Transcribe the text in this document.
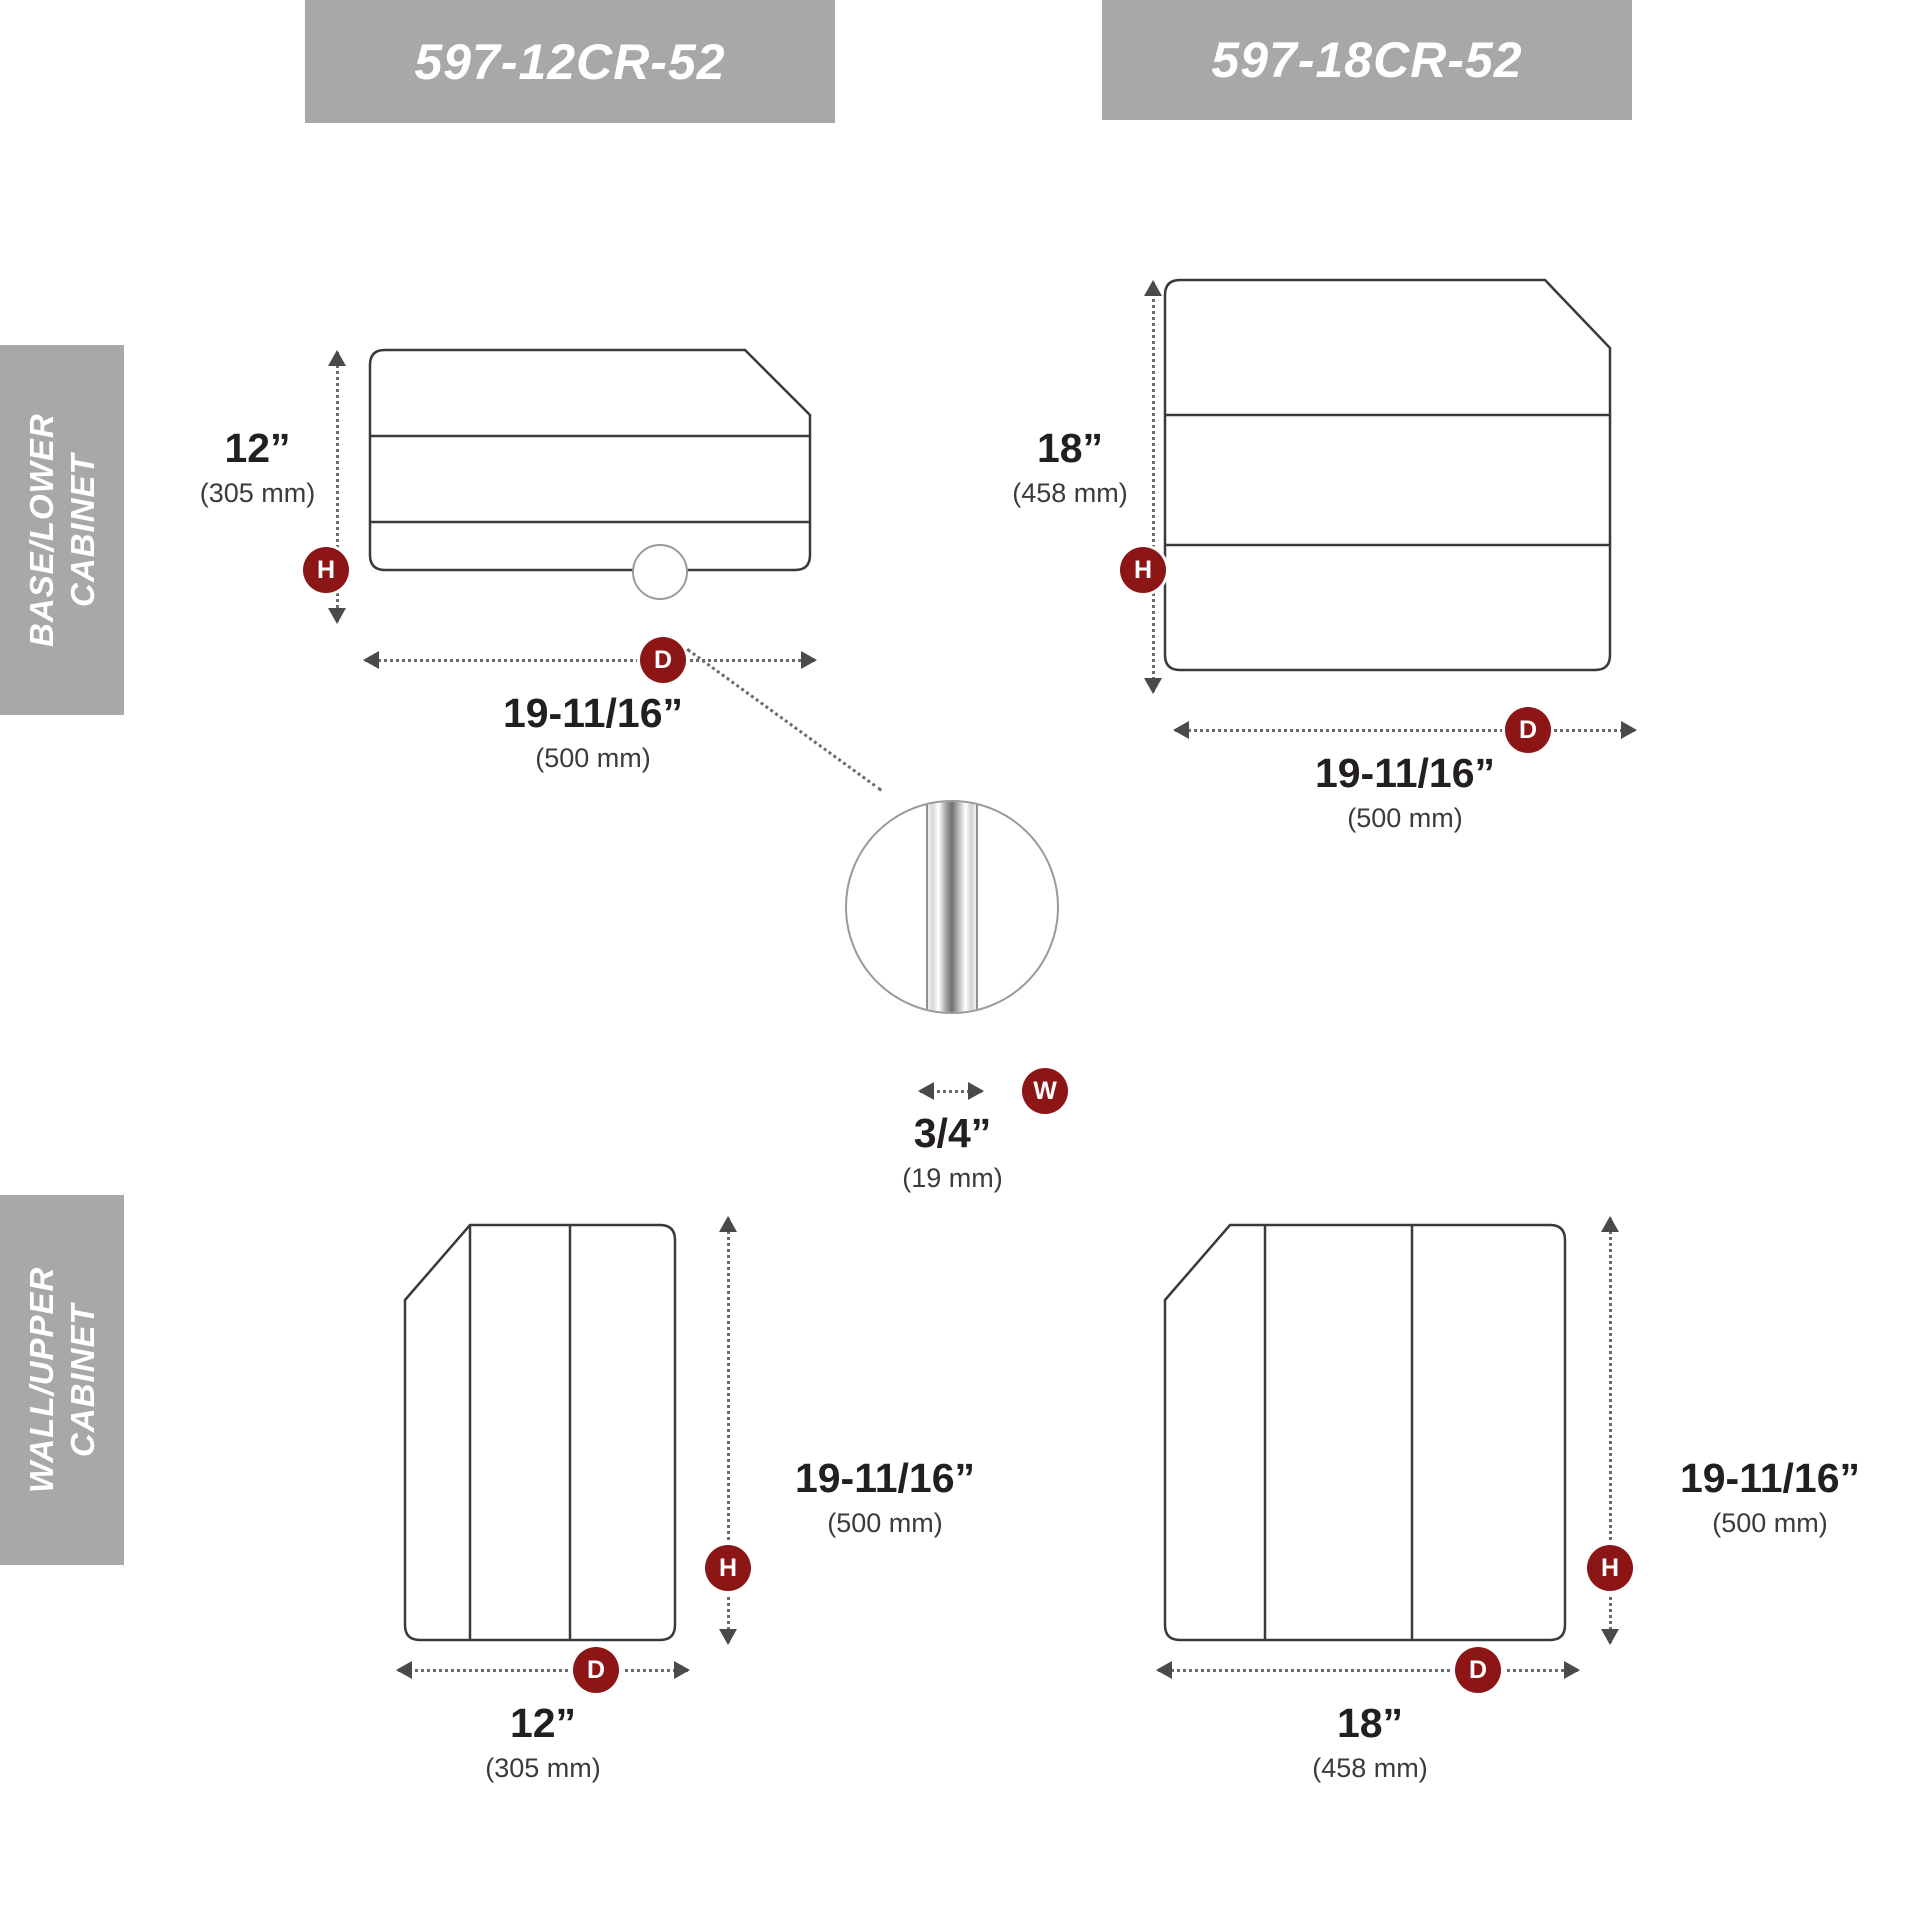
597-12CR-52	597-18CR-52
BASE/LOWER CABINET
WALL/UPPER CABINET
12”
(305 mm)
H
19-11/16”
(500 mm)
D
18”
(458 mm)
H
19-11/16”
(500 mm)
D
W
3/4”
(19 mm)
19-11/16”
(500 mm)
H
12”
(305 mm)
D
19-11/16”
(500 mm)
H
18”
(458 mm)
D
